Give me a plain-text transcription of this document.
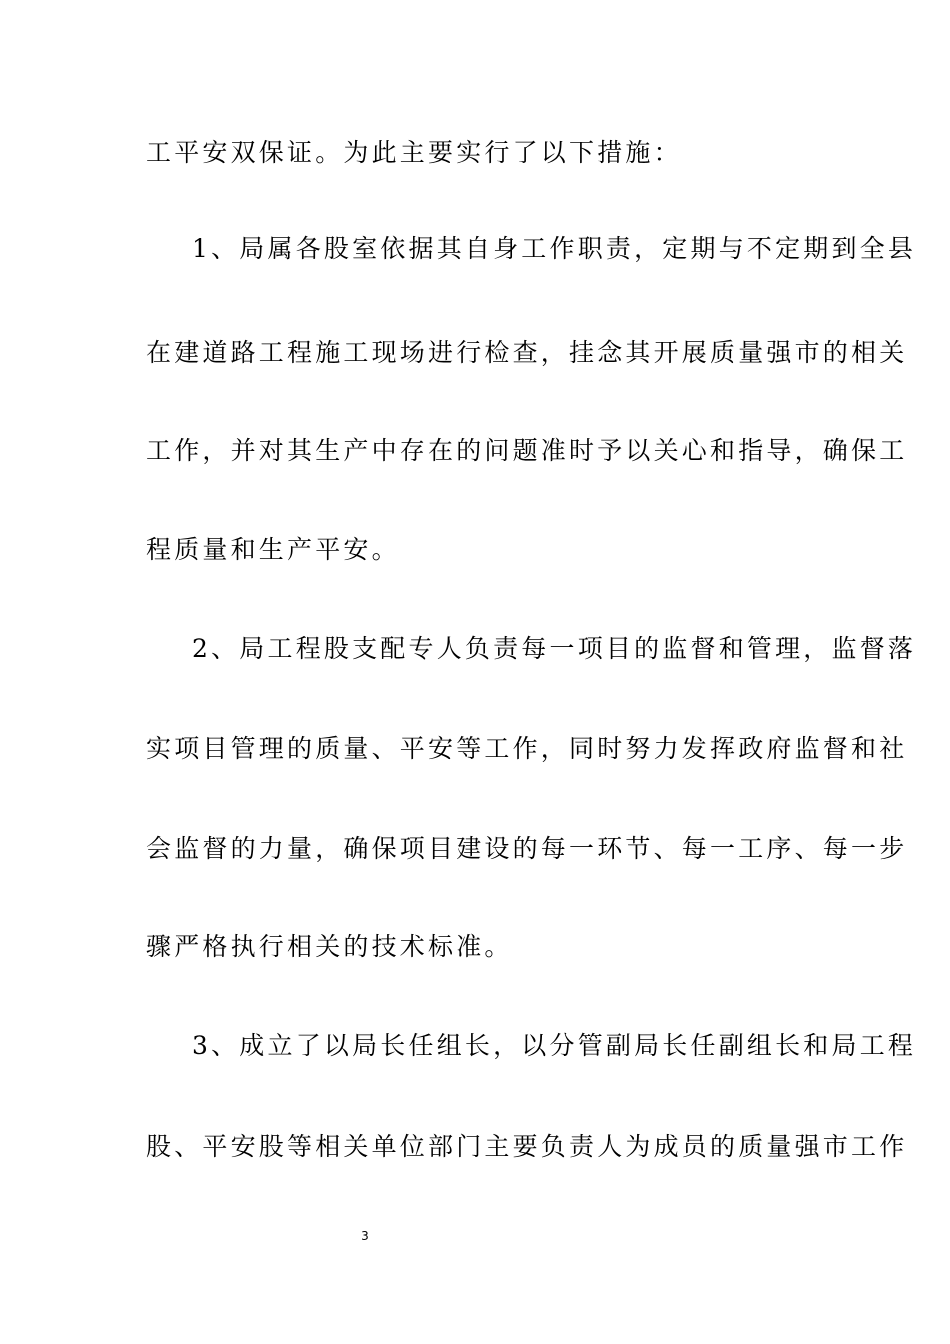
工平安双保证。为此主要实行了以下措施：
1、局属各股室依据其自身工作职责，定期与不定期到全县
在建道路工程施工现场进行检查，挂念其开展质量强市的相关
工作，并对其生产中存在的问题准时予以关心和指导，确保工
程质量和生产平安。
2、局工程股支配专人负责每一项目的监督和管理，监督落
实项目管理的质量、平安等工作，同时努力发挥政府监督和社
会监督的力量，确保项目建设的每一环节、每一工序、每一步
骤严格执行相关的技术标准。
3、成立了以局长任组长，以分管副局长任副组长和局工程
股、平安股等相关单位部门主要负责人为成员的质量强市工作
3
